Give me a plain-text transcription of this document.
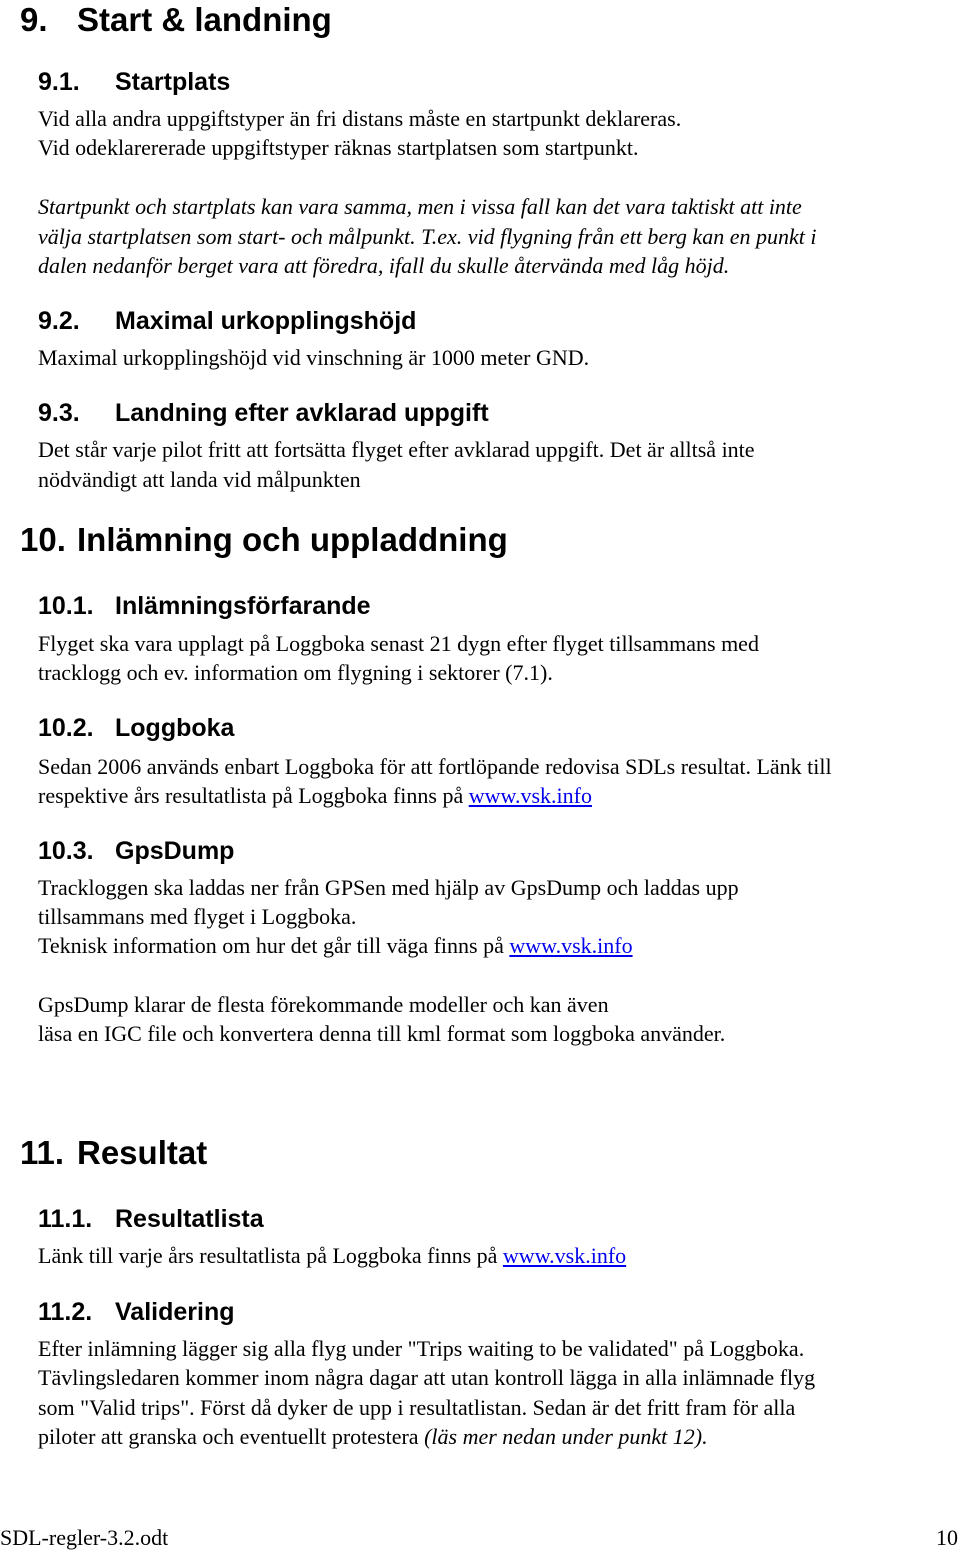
9. Start & landning
9.1. Startplats

Vid alla andra uppgiftstyper än fri distans måste en startpunkt deklareras.

Vid odeklarererade uppgiftstyper räknas startplatsen som startpunkt.

Startpunkt och startplats kan vara samma, men i vissa fall kan det vara taktiskt att inte

välja startplatsen som start- och målpunkt. T.ex. vid flygning från ett berg kan en punkt i

dalen nedanför berget vara att föredra, ifall du skulle återvända med låg höjd.

9.2. Maximal urkopplingshöjd

Maximal urkopplingshöjd vid vinschning är 1000 meter GND.

9.3. Landning efter avklarad uppgift

Det står varje pilot fritt att fortsätta flyget efter avklarad uppgift. Det är alltså inte

nödvändigt att landa vid målpunkten

10. Inlämning och uppladdning
10.1. Inlämningsförfarande

Flyget ska vara upplagt på Loggboka senast 21 dygn efter flyget tillsammans med

tracklogg och ev. information om flygning i sektorer (7.1).

10.2. Loggboka

Sedan 2006 används enbart Loggboka för att fortlöpande redovisa SDLs resultat. Länk till

respektive års resultatlista på Loggboka finns på www.vsk.info

10.3. GpsDump

Trackloggen ska laddas ner från GPSen med hjälp av GpsDump och laddas upp

tillsammans med flyget i Loggboka.

Teknisk information om hur det går till väga finns på www.vsk.info

GpsDump klarar de flesta förekommande modeller och kan även

läsa en IGC file och konvertera denna till kml format som loggboka använder.

11. Resultat
11.1. Resultatlista

Länk till varje års resultatlista på Loggboka finns på www.vsk.info

11.2. Validering

Efter inlämning lägger sig alla flyg under "Trips waiting to be validated" på Loggboka.

Tävlingsledaren kommer inom några dagar att utan kontroll lägga in alla inlämnade flyg

som "Valid trips". Först då dyker de upp i resultatlistan. Sedan är det fritt fram för alla

piloter att granska och eventuellt protestera (läs mer nedan under punkt 12).

SDL-regler-3.2.odt	10
